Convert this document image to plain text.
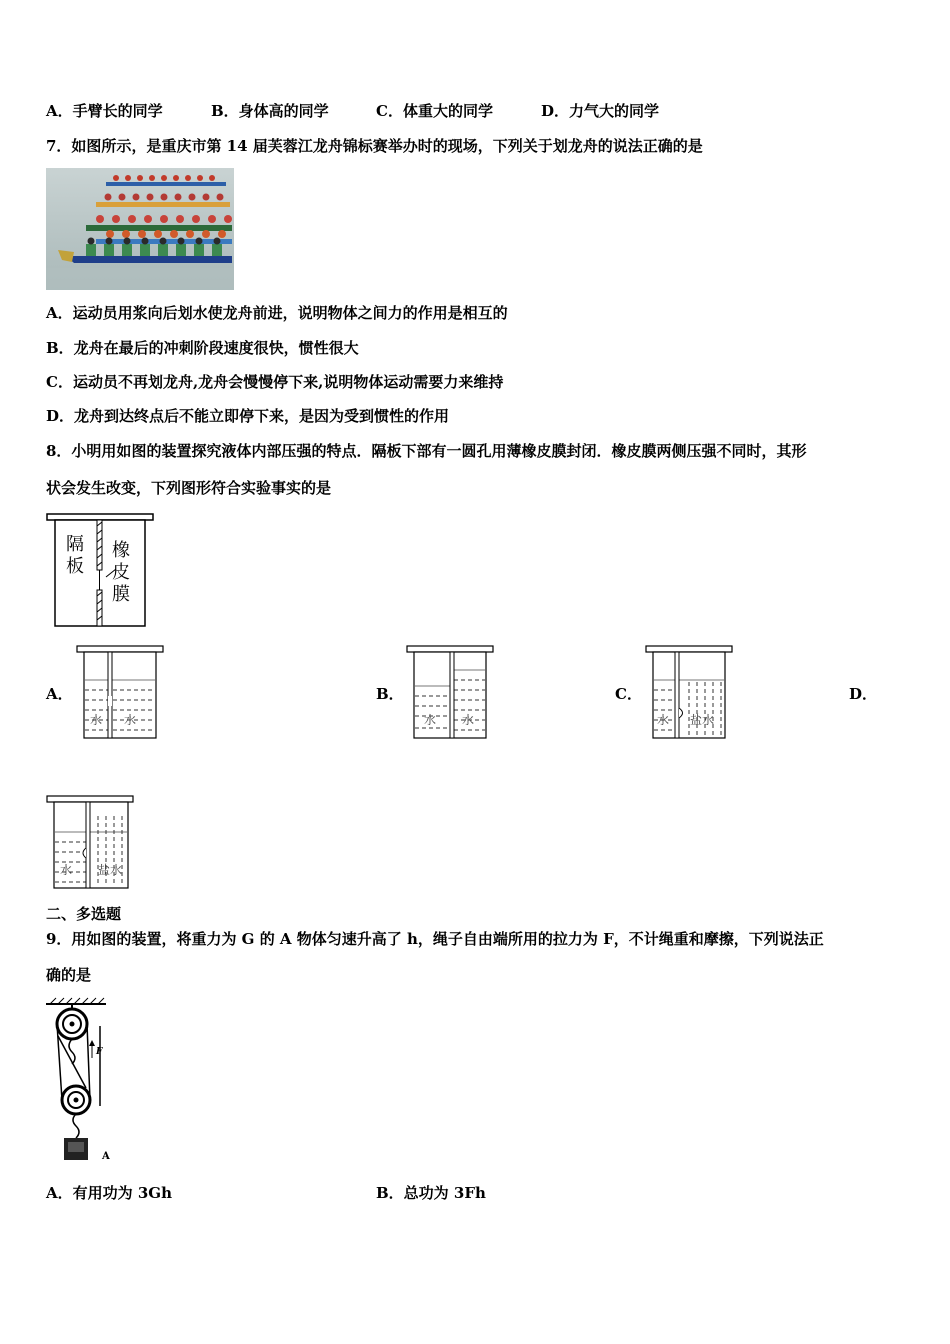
A．手臂长的同学	B．身体高的同学	C．体重大的同学	D．力气大的同学
7．如图所示，是重庆市第 14 届芙蓉江龙舟锦标赛举办时的现场，下列关于划龙舟的说法正确的是
A．运动员用浆向后划水使龙舟前进，说明物体之间力的作用是相互的
B．龙舟在最后的冲刺阶段速度很快，惯性很大
C．运动员不再划龙舟,龙舟会慢慢停下来,说明物体运动需要力来维持
D．龙舟到达终点后不能立即停下来，是因为受到惯性的作用
8．小明用如图的装置探究液体内部压强的特点．隔板下部有一圆孔用薄橡皮膜封闭．橡皮膜两侧压强不同时，其形
状会发生改变，下列图形符合实验事实的是
隔
板
橡
皮
膜
A．
水 水
B．
水 水
C．
水 盐水
D．
水 盐水
二、多选题
9．用如图的装置，将重力为 G 的 A 物体匀速升高了 h，绳子自由端所用的拉力为 F，不计绳重和摩擦，下列说法正
确的是
F
A
A．有用功为 3Gh	B．总功为 3Fh
